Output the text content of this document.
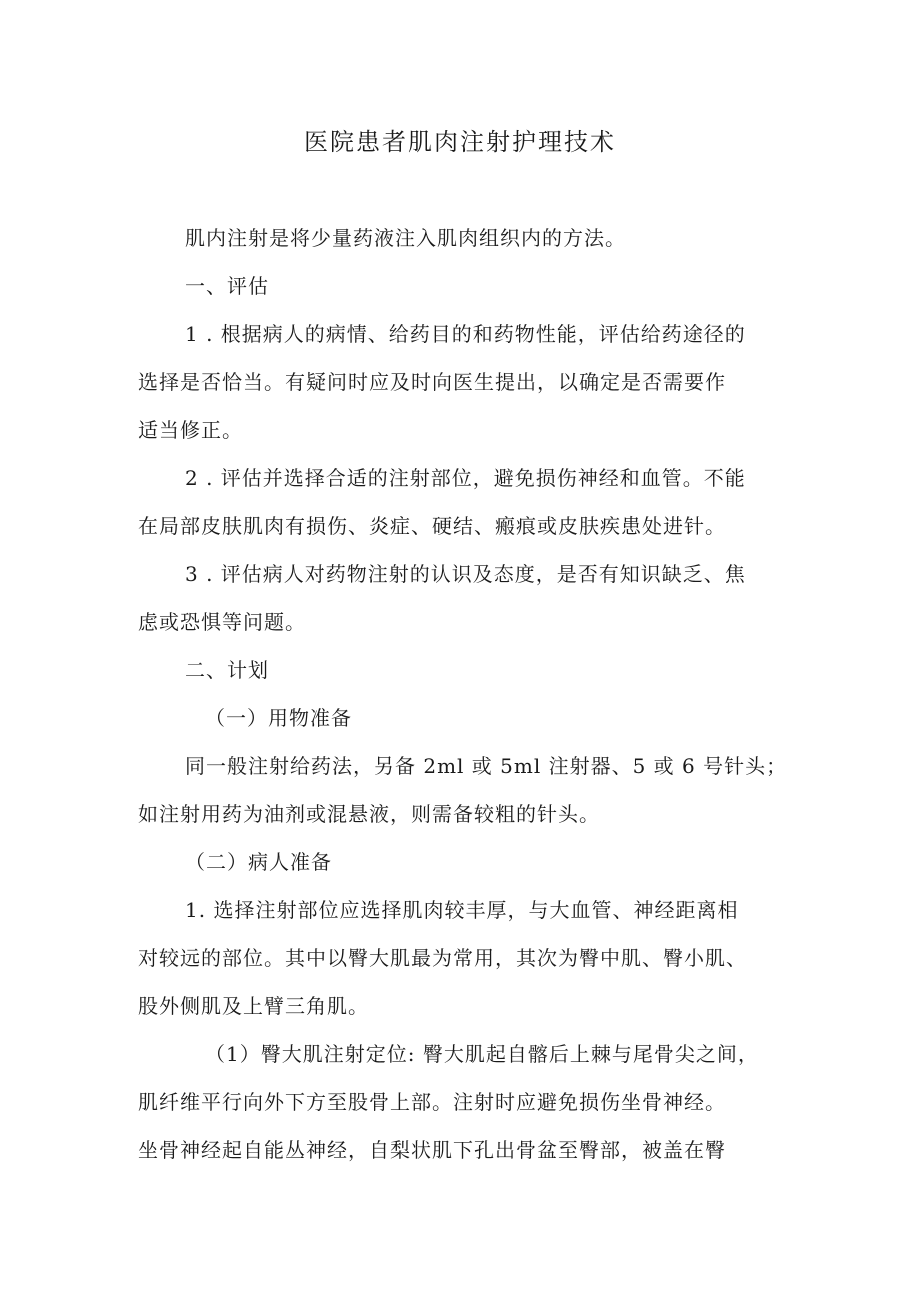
医院患者肌肉注射护理技术
肌内注射是将少量药液注入肌肉组织内的方法。
一、评估
1 . 根据病人的病情、给药目的和药物性能，评估给药途径的
选择是否恰当。有疑问时应及时向医生提出，以确定是否需要作
适当修正。
2 . 评估并选择合适的注射部位，避免损伤神经和血管。不能
在局部皮肤肌肉有损伤、炎症、硬结、瘢痕或皮肤疾患处进针。
3 . 评估病人对药物注射的认识及态度，是否有知识缺乏、焦
虑或恐惧等问题。
二、计划
（一）用物准备
同一般注射给药法，另备 2ml 或 5ml 注射器、5 或 6 号针头；
如注射用药为油剂或混悬液，则需备较粗的针头。
（二）病人准备
1. 选择注射部位应选择肌肉较丰厚，与大血管、神经距离相
对较远的部位。其中以臀大肌最为常用，其次为臀中肌、臀小肌、
股外侧肌及上臂三角肌。
（1）臀大肌注射定位: 臀大肌起自髂后上棘与尾骨尖之间，
肌纤维平行向外下方至股骨上部。注射时应避免损伤坐骨神经。
坐骨神经起自能丛神经，自梨状肌下孔出骨盆至臀部，被盖在臀
